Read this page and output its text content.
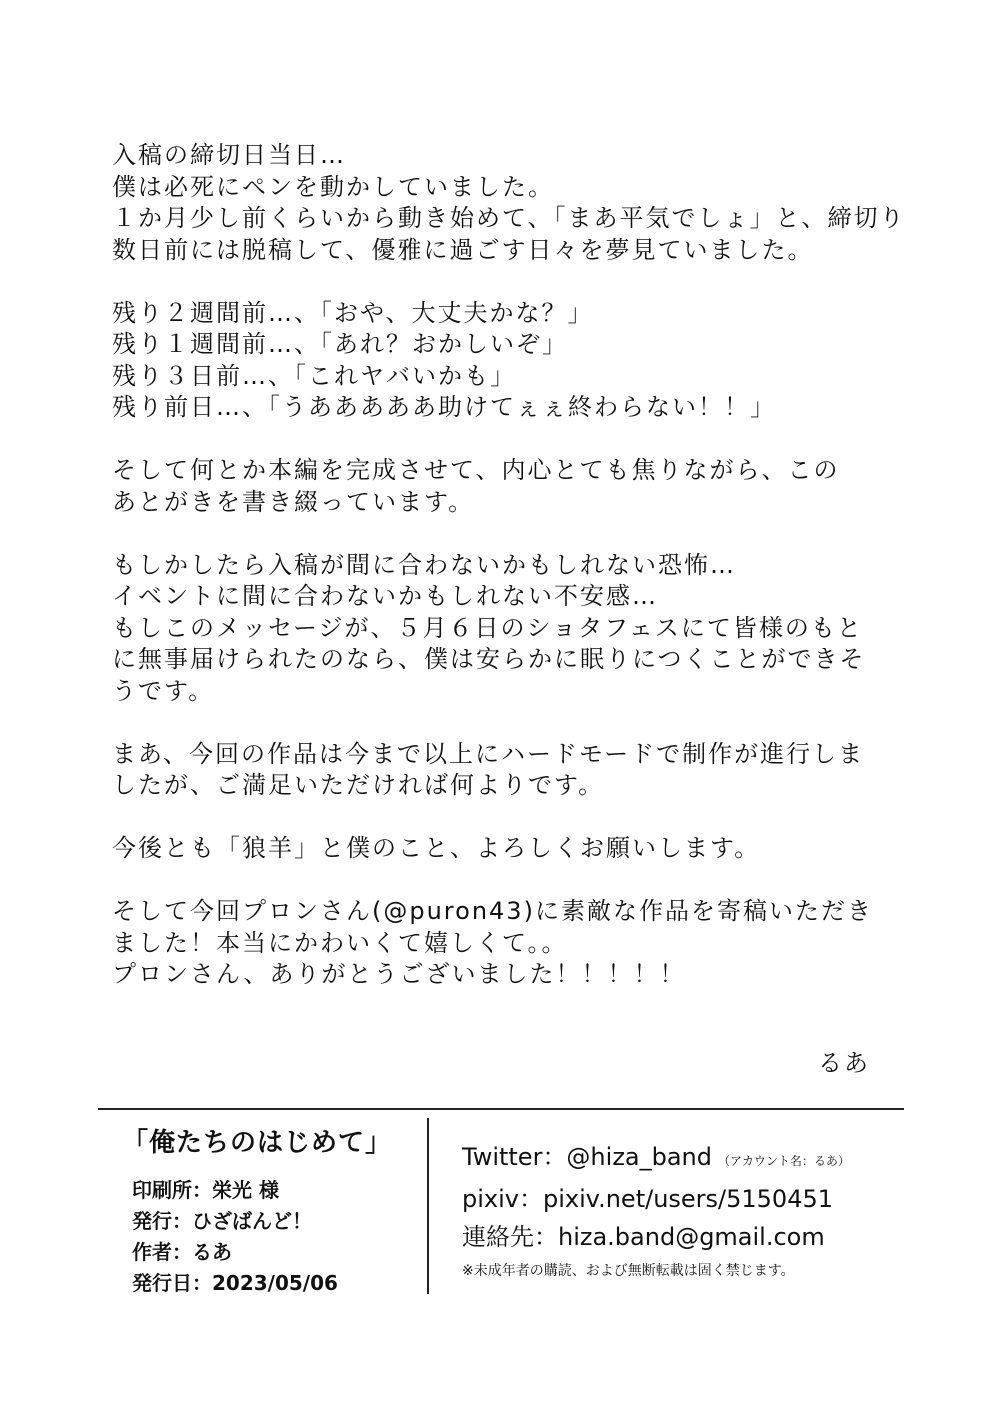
入稿の締切日当日…
僕は必死にペンを動かしていました。
１か月少し前くらいから動き始めて、「まあ平気でしょ」と、締切り
数日前には脱稿して、優雅に過ごす日々を夢見ていました。
残り２週間前…、「おや、大丈夫かな？」
残り１週間前…、「あれ？おかしいぞ」
残り３日前…、「これヤバいかも」
残り前日…、「うあああああ助けてぇぇ終わらない！！」
そして何とか本編を完成させて、内心とても焦りながら、この
あとがきを書き綴っています。
もしかしたら入稿が間に合わないかもしれない恐怖…
イベントに間に合わないかもしれない不安感…
もしこのメッセージが、５月６日のショタフェスにて皆様のもと
に無事届けられたのなら、僕は安らかに眠りにつくことができそ
うです。
まあ、今回の作品は今まで以上にハードモードで制作が進行しま
したが、ご満足いただければ何よりです。
今後とも「狼羊」と僕のこと、よろしくお願いします。
そして今回プロンさん(@puron43)に素敵な作品を寄稿いただき
ました！本当にかわいくて嬉しくて。。
プロンさん、ありがとうございました！！！！！
るあ
「俺たちのはじめて」
印刷所：栄光 様
発行：ひざばんど！
作者：るあ
発行日：2023/05/06
Twitter：@hiza_band （アカウント名：るあ）
pixiv：pixiv.net/users/5150451
連絡先：hiza.band@gmail.com
※未成年者の購読、および無断転載は固く禁じます。
